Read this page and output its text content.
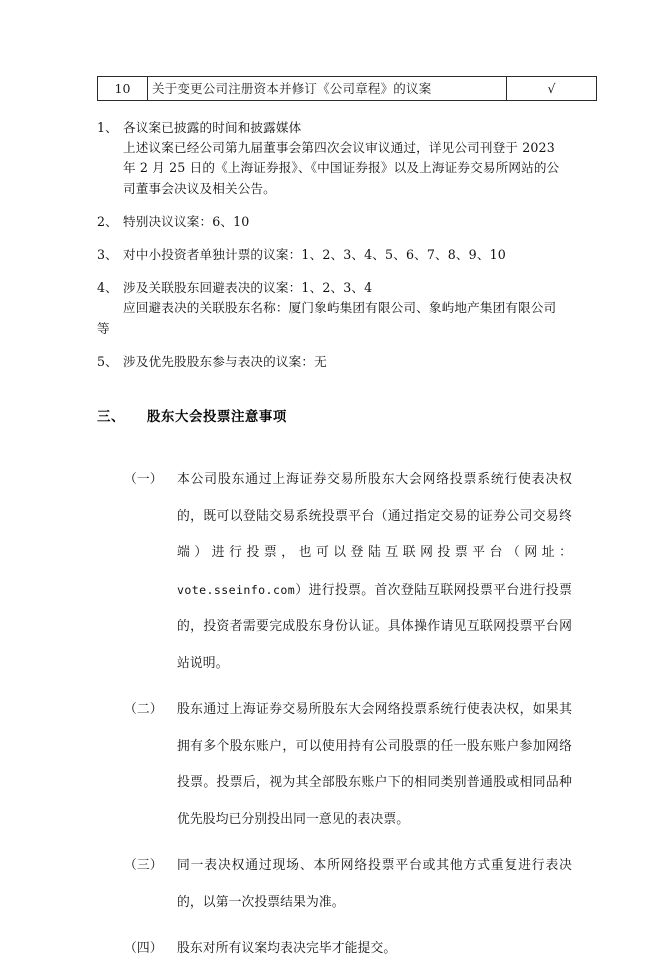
10	关于变更公司注册资本并修订《公司章程》的议案	√
1、 各议案已披露的时间和披露媒体
上述议案已经公司第九届董事会第四次会议审议通过，详见公司刊登于 2023 年 2 月 25 日的《上海证券报》、《中国证券报》以及上海证券交易所网站的公司董事会决议及相关公告。
2、 特别决议议案：6、10
3、 对中小投资者单独计票的议案：1、2、3、4、5、6、7、8、9、10
4、 涉及关联股东回避表决的议案：1、2、3、4
应回避表决的关联股东名称：厦门象屿集团有限公司、象屿地产集团有限公司等
5、 涉及优先股股东参与表决的议案：无
三、 股东大会投票注意事项
（一）	本公司股东通过上海证券交易所股东大会网络投票系统行使表决权的，既可以登陆交易系统投票平台（通过指定交易的证券公司交易终端）进行投票，也可以登陆互联网投票平台（网址：vote.sseinfo.com）进行投票。首次登陆互联网投票平台进行投票的，投资者需要完成股东身份认证。具体操作请见互联网投票平台网站说明。
（二）	股东通过上海证券交易所股东大会网络投票系统行使表决权，如果其拥有多个股东账户，可以使用持有公司股票的任一股东账户参加网络投票。投票后，视为其全部股东账户下的相同类别普通股或相同品种优先股均已分别投出同一意见的表决票。
（三）	同一表决权通过现场、本所网络投票平台或其他方式重复进行表决的，以第一次投票结果为准。
（四）	股东对所有议案均表决完毕才能提交。
